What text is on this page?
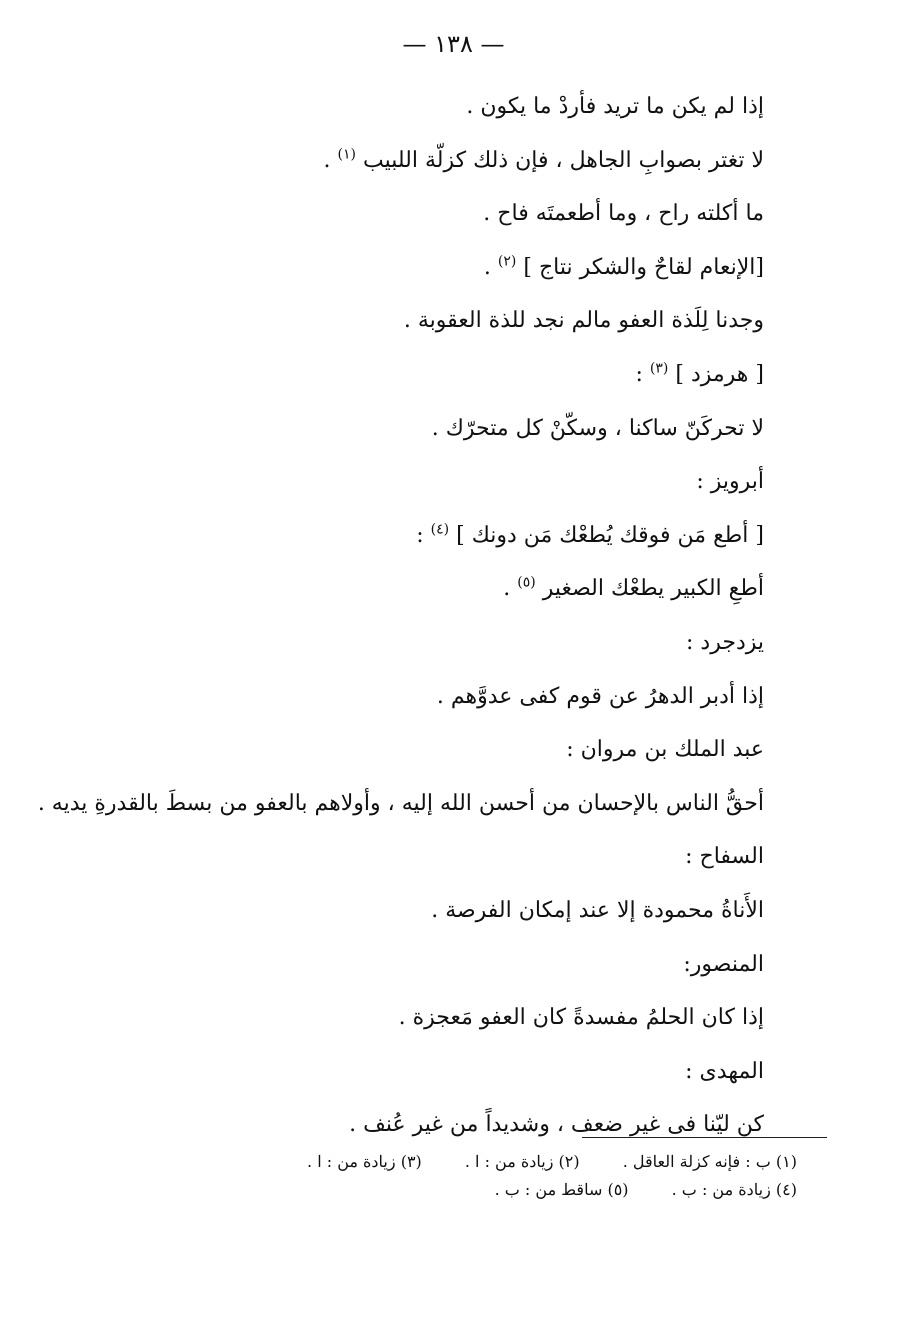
— ١٣٨ —
إذا لم يكن ما تريد فأردْ ما يكون .
لا تغتر بصوابِ الجاهل ، فإن ذلك كزلّة اللبيب $^{(١)}$ .
ما أكلته راح ، وما أطعمتَه فاح .
[الإنعام لقاحٌ والشكر نتاج ] $^{(٢)}$ .
وجدنا لِلَذة العفو مالم نجد للذة العقوبة .
[ هرمزد ] $^{(٣)}$ :
لا تحركَنّ ساكنا ، وسكّنْ كل متحرّك .
أبرويز :
[ أطع مَن فوقك يُطعْك مَن دونك ] $^{(٤)}$ :
أطعِ الكبير يطعْك الصغير $^{(٥)}$ .
يزدجرد :
إذا أدبر الدهرُ عن قوم كفى عدوَّهم .
عبد الملك بن مروان :
أحقُّ الناس بالإحسان من أحسن الله إليه ، وأولاهم بالعفو من بسطَ بالقدرةِ يديه .
السفاح :
الأَناةُ محمودة إلا عند إمكان الفرصة .
المنصور:
إذا كان الحلمُ مفسدةً كان العفو مَعجزة .
المهدى :
كن ليّنا فى غير ضعف ، وشديداً من غير عُنف .
(١) ب : فإنه كزلة العاقل . (٢) زيادة من : ا . (٣) زيادة من : ا .
(٤) زيادة من : ب . (٥) ساقط من : ب .
